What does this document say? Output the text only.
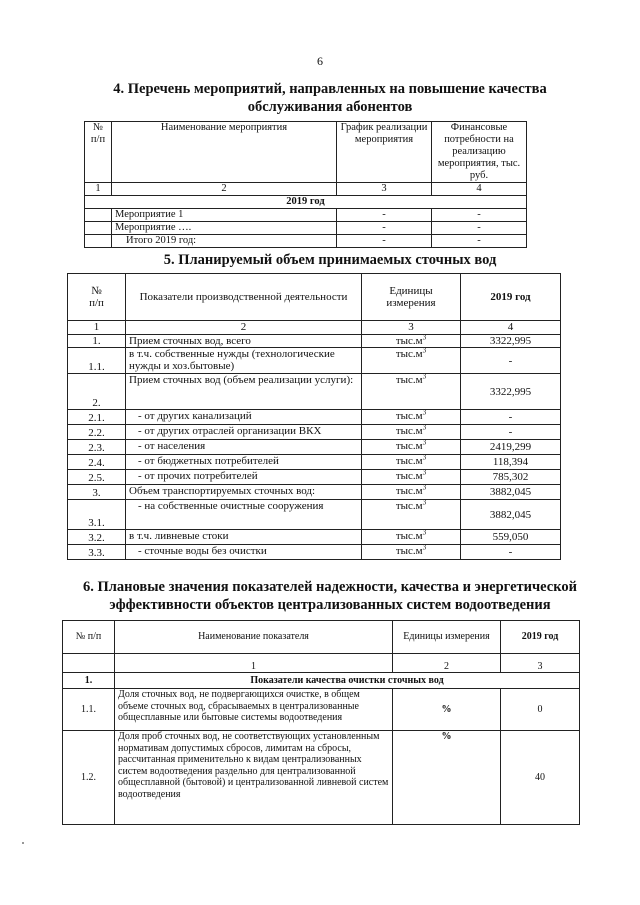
6
4. Перечень мероприятий, направленных на повышение качества
обслуживания абонентов
№
п/п	Наименование мероприятия	График реализации мероприятия	Финансовые потребности на реализацию мероприятия, тыс. руб.
1	2	3	4
2019 год			
	Мероприятие 1	-	-
	Мероприятие ….	-	-
	Итого 2019 год:	-	-
5. Планируемый объем принимаемых сточных вод
№
п/п	Показатели производственной деятельности	Единицы измерения	2019 год
1	2	3	4
1.	Прием сточных вод, всего	$тыс.м^3$	3322,995
1.1.	в т.ч. собственные нужды (технологические нужды и хоз.бытовые)	$тыс.м^3$	-
2.	Прием сточных вод (объем реализации услуги):	$тыс.м^3$	3322,995
2.1.	- от других канализаций	$тыс.м^3$	-
2.2.	- от других отраслей организации ВКХ	$тыс.м^3$	-
2.3.	- от населения	$тыс.м^3$	2419,299
2.4.	- от бюджетных потребителей	$тыс.м^3$	118,394
2.5.	- от прочих потребителей	$тыс.м^3$	785,302
3.	Объем транспортируемых сточных вод:	$тыс.м^3$	3882,045
3.1.	- на собственные очистные сооружения	$тыс.м^3$	3882,045
3.2.	в т.ч. ливневые стоки	$тыс.м^3$	559,050
3.3.	- сточные воды без очистки	$тыс.м^3$	-
6. Плановые значения показателей надежности, качества и энергетической
эффективности объектов централизованных систем водоотведения
№ п/п	Наименование показателя	Единицы измерения	2019 год
	1	2	3
1.	Показатели качества очистки сточных вод		
1.1.	Доля сточных вод, не подвергающихся очистке, в общем объеме сточных вод, сбрасываемых в централизованные общесплавные или бытовые системы водоотведения	%	0
1.2.	Доля проб сточных вод, не соответствующих установленным нормативам допустимых сбросов, лимитам на сбросы, рассчитанная применительно к видам централизованных систем водоотведения раздельно для централизованной общесплавной (бытовой) и централизованной ливневой систем водоотведения	%	40
